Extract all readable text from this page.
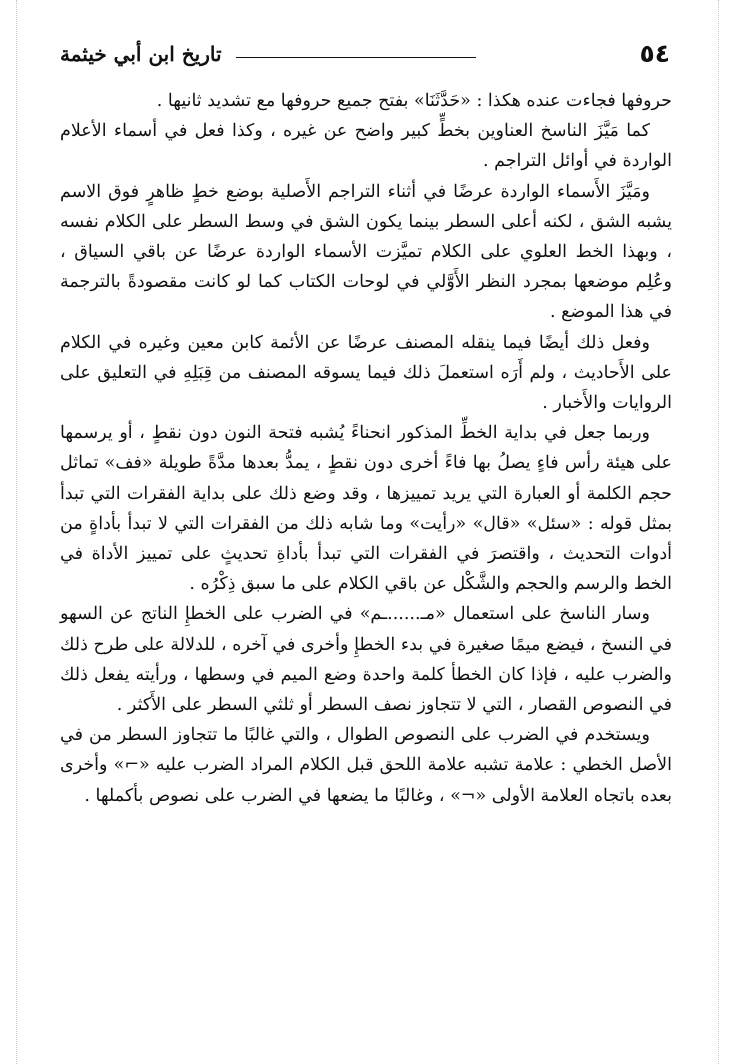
٥٤
تاريخ ابن أبي خيثمة

حروفها فجاءت عنده هكذا : «حَدَّثَنَا» بفتح جميع حروفها مع تشديد ثانيها .

كما مَيَّزَ الناسخ العناوين بخطٍّ كبير واضح عن غيره ، وكذا فعل في أسماء الأعلام الواردة في أوائل التراجم .

ومَيَّزَ الأَسماء الواردة عرضًا في أثناء التراجم الأَصلية بوضع خطٍ ظاهرٍ فوق الاسم يشبه الشق ، لكنه أعلى السطر بينما يكون الشق في وسط السطر على الكلام نفسه ، وبهذا الخط العلوي على الكلام تميَّزت الأسماء الواردة عرضًا عن باقي السياق ، وعُلِم موضعها بمجرد النظر الأَوَّلي في لوحات الكتاب كما لو كانت مقصودةً بالترجمة في هذا الموضع .

وفعل ذلك أيضًا فيما ينقله المصنف عرضًا عن الأئمة كابن معين وغيره في الكلام على الأَحاديث ، ولم أَرَه استعملَ ذلك فيما يسوقه المصنف من قِبَلِهِ في التعليق على الروايات والأَخبار .

وربما جعل في بداية الخطِّ المذكور انحناءً يُشبه فتحة النون دون نقطٍ ، أو يرسمها على هيئة رأس فاءٍ يصلُ بها فاءً أخرى دون نقطٍ ، يمدُّ بعدها مدَّةً طويلة «فف» تماثل حجم الكلمة أو العبارة التي يريد تمييزها ، وقد وضع ذلك على بداية الفقرات التي تبدأ بمثل قوله : «سئل» «قال» «رأيت» وما شابه ذلك من الفقرات التي لا تبدأ بأداةٍ من أدوات التحديث ، واقتصرَ في الفقرات التي تبدأ بأداةِ تحديثٍ على تمييز الأداة في الخط والرسم والحجم والشَّكْل عن باقي الكلام على ما سبق ذِكْرُه .

وسار الناسخ على استعمال «مـ......ـم» في الضرب على الخطإِ الناتج عن السهو في النسخ ، فيضع ميمًا صغيرة في بدء الخطإِ وأخرى في آخره ، للدلالة على طرح ذلك والضرب عليه ، فإذا كان الخطأ كلمة واحدة وضع الميم في وسطها ، ورأيته يفعل ذلك في النصوص القصار ، التي لا تتجاوز نصف السطر أو ثلثي السطر على الأَكثر .

ويستخدم في الضرب على النصوص الطوال ، والتي غالبًا ما تتجاوز السطر من في الأصل الخطي : علامة تشبه علامة اللحق قبل الكلام المراد الضرب عليه «⌐» وأخرى بعده باتجاه العلامة الأولى «¬» ، وغالبًا ما يضعها في الضرب على نصوص بأكملها .
